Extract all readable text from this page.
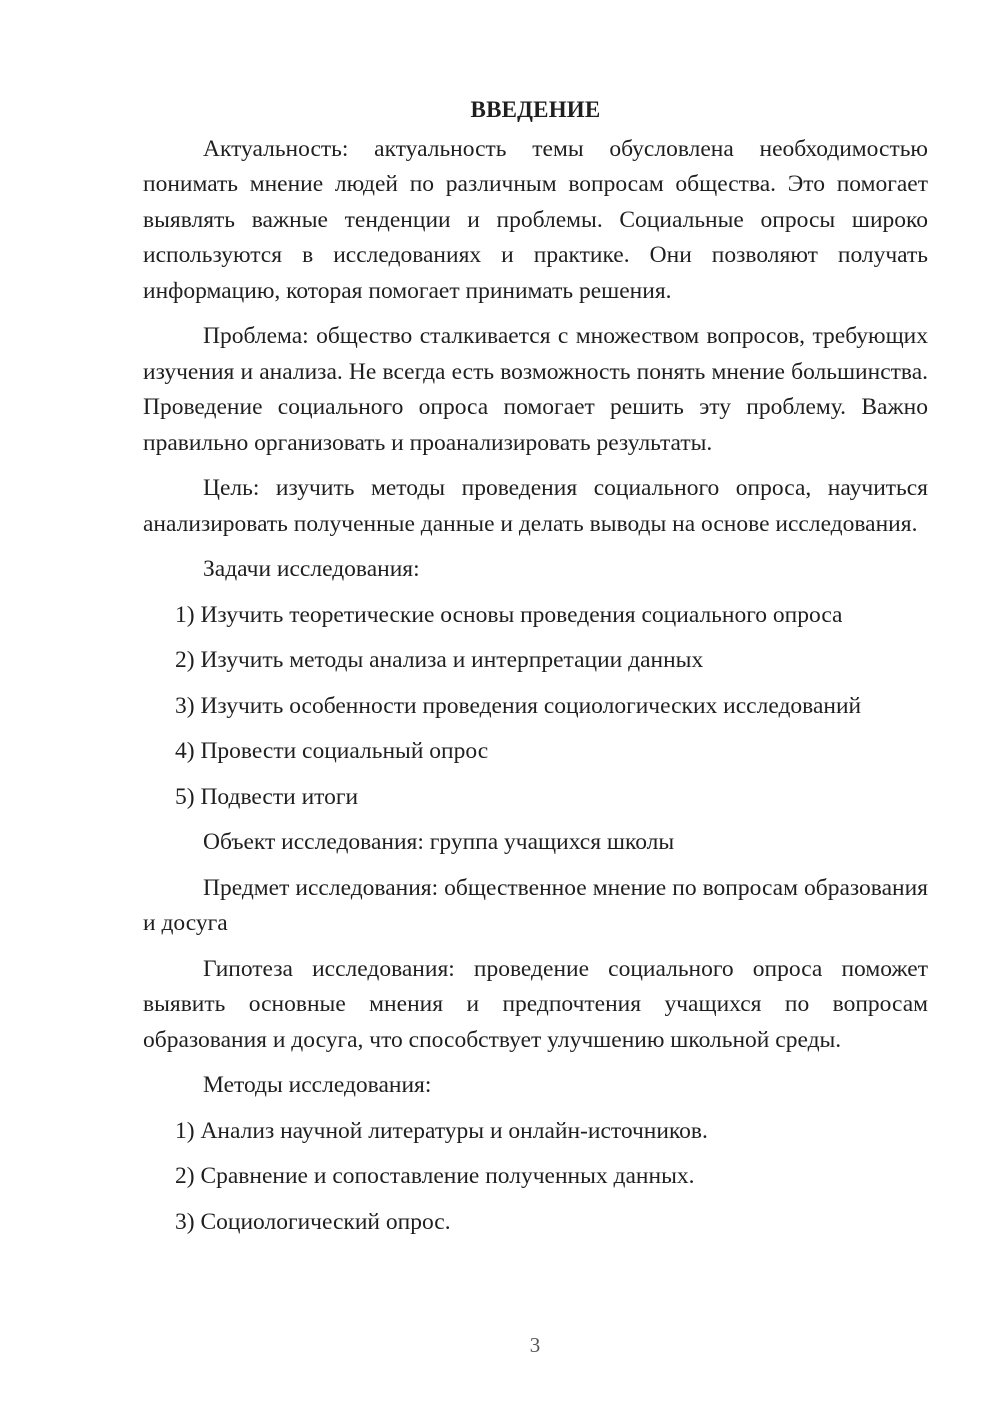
ВВЕДЕНИЕ

Актуальность: актуальность темы обусловлена необходимостью понимать мнение людей по различным вопросам общества. Это помогает выявлять важные тенденции и проблемы. Социальные опросы широко используются в исследованиях и практике. Они позволяют получать информацию, которая помогает принимать решения.

Проблема: общество сталкивается с множеством вопросов, требующих изучения и анализа. Не всегда есть возможность понять мнение большинства. Проведение социального опроса помогает решить эту проблему. Важно правильно организовать и проанализировать результаты.

Цель: изучить методы проведения социального опроса, научиться анализировать полученные данные и делать выводы на основе исследования.

Задачи исследования:

1) Изучить теоретические основы проведения социального опроса
2) Изучить методы анализа и интерпретации данных
3) Изучить особенности проведения социологических исследований
4) Провести социальный опрос
5) Подвести итоги

Объект исследования: группа учащихся школы

Предмет исследования: общественное мнение по вопросам образования и досуга

Гипотеза исследования: проведение социального опроса поможет выявить основные мнения и предпочтения учащихся по вопросам образования и досуга, что способствует улучшению школьной среды.

Методы исследования:

1) Анализ научной литературы и онлайн-источников.
2) Сравнение и сопоставление полученных данных.
3) Социологический опрос.
3
